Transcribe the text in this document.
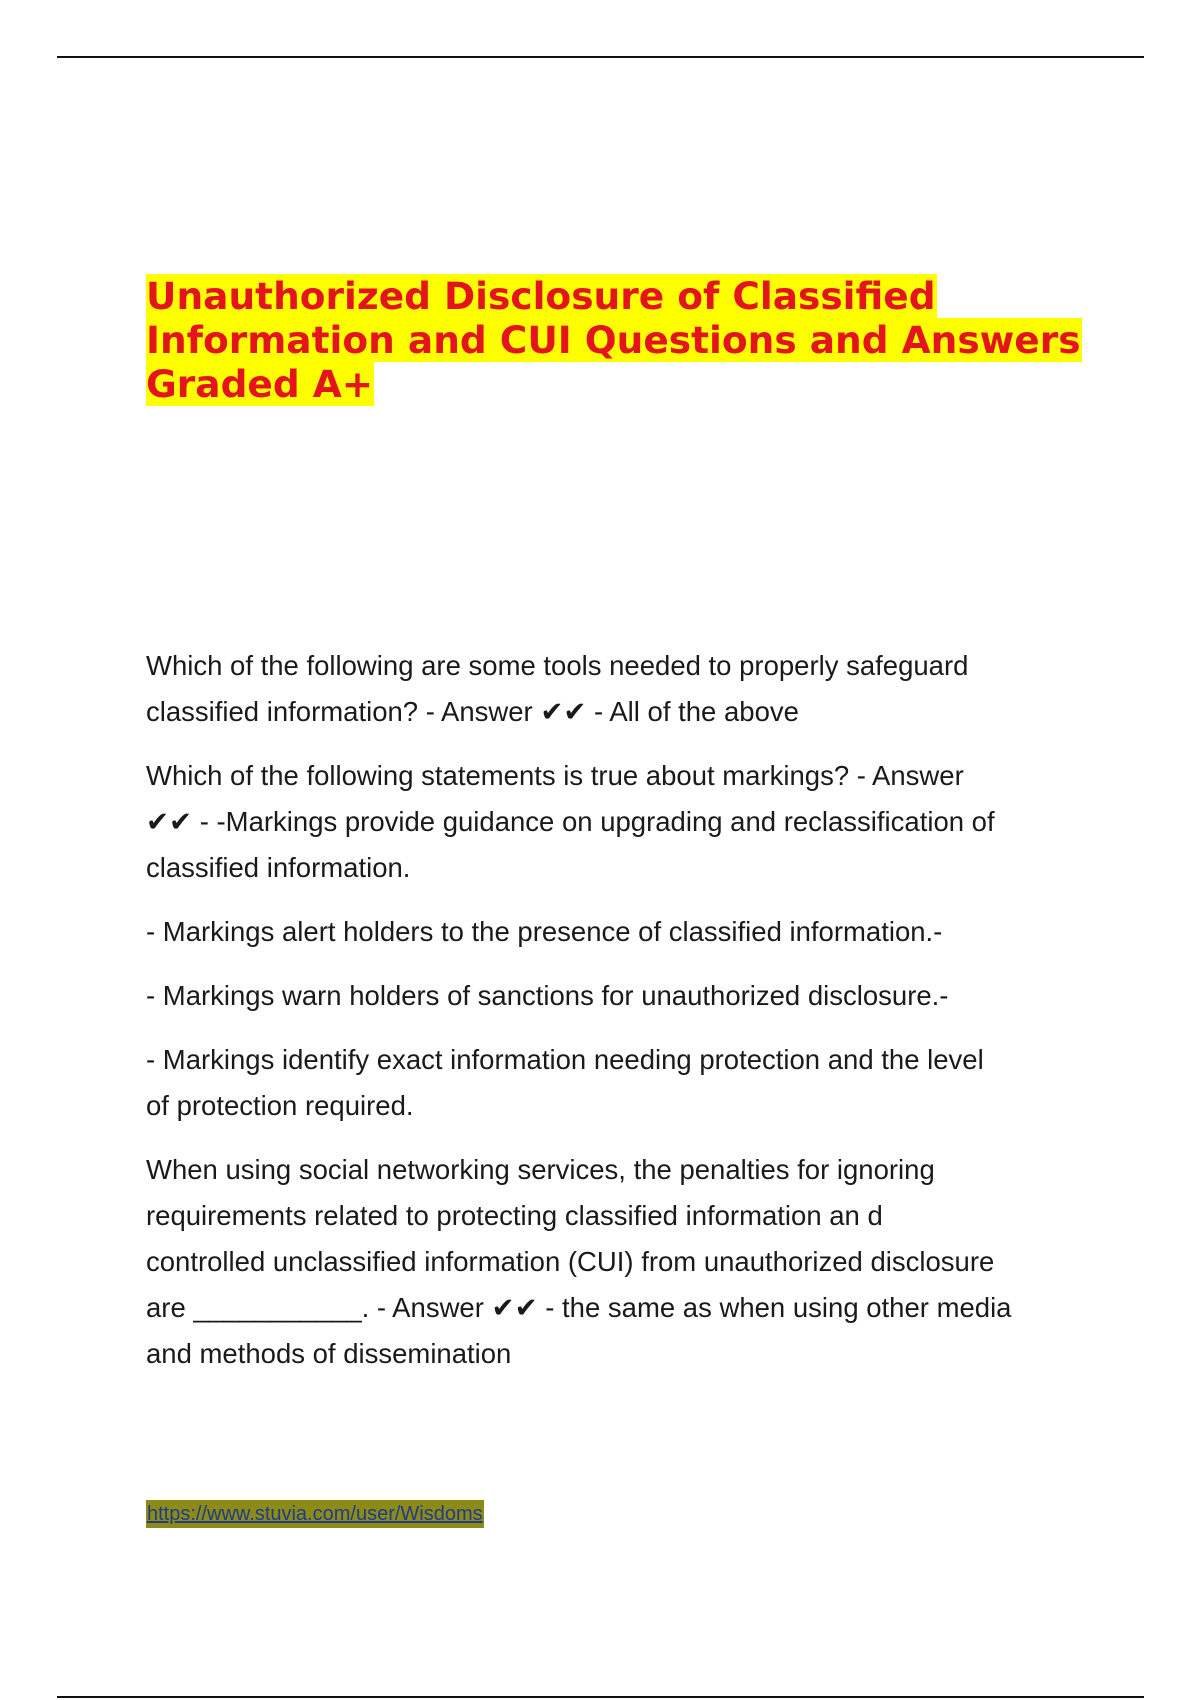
Unauthorized Disclosure of Classified
Information and CUI Questions and Answers
Graded A+

Which of the following are some tools needed to properly safeguard
classified information? - Answer ✔✔ - All of the above

Which of the following statements is true about markings? - Answer
✔✔ - -Markings provide guidance on upgrading and reclassification of
classified information.

- Markings alert holders to the presence of classified information.-

- Markings warn holders of sanctions for unauthorized disclosure.-

- Markings identify exact information needing protection and the level
of protection required.

When using social networking services, the penalties for ignoring
requirements related to protecting classified information an d
controlled unclassified information (CUI) from unauthorized disclosure
are ___________. - Answer ✔✔ - the same as when using other media
and methods of dissemination

https://www.stuvia.com/user/Wisdoms
